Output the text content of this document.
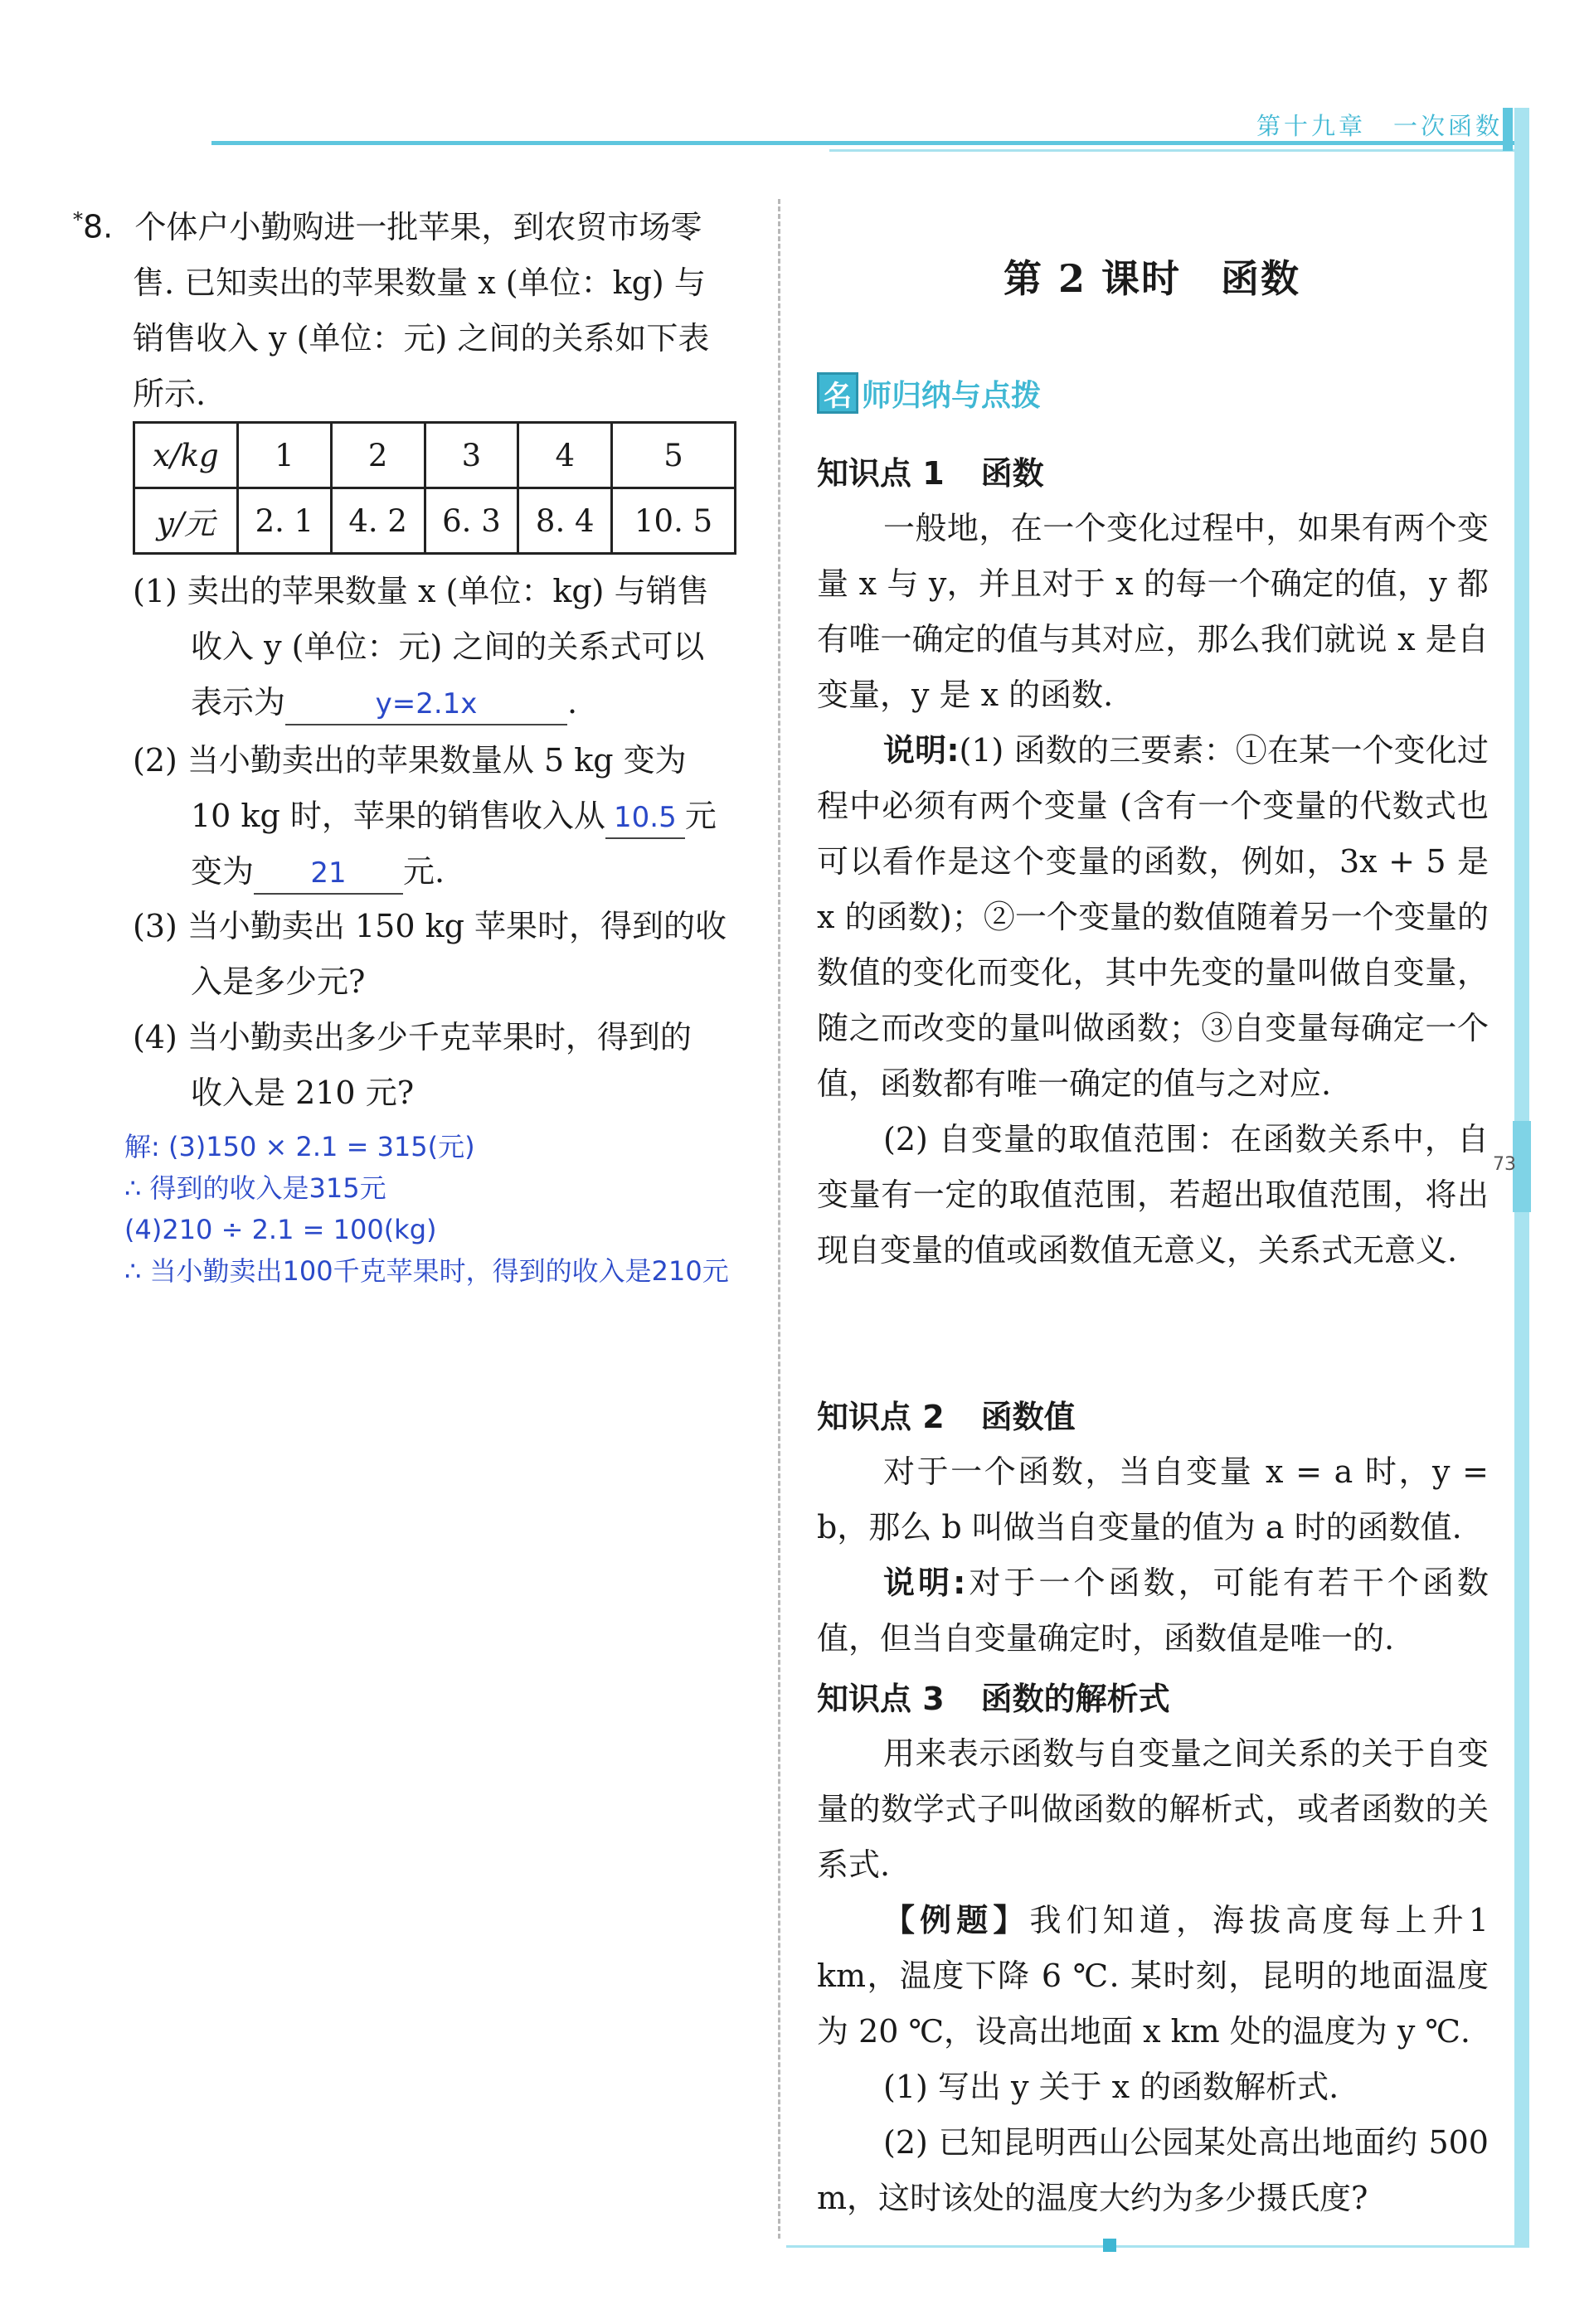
第十九章　一次函数
73
*8. 个体户小勤购进一批苹果，到农贸市场零
售. 已知卖出的苹果数量 x (单位：kg) 与
销售收入 y (单位：元) 之间的关系如下表
所示.
x/kg	1	2	3	4	5
y/元	2. 1	4. 2	6. 3	8. 4	10. 5
(1) 卖出的苹果数量 x (单位：kg) 与销售
收入 y (单位：元) 之间的关系式可以
表示为	y=2.1x	.
(2) 当小勤卖出的苹果数量从 5 kg 变为
10 kg 时，苹果的销售收入从 10.5 元
变为 21 元.
(3) 当小勤卖出 150 kg 苹果时，得到的收
入是多少元?
(4) 当小勤卖出多少千克苹果时，得到的
收入是 210 元?
解: (3)150 × 2.1 = 315(元)
∴ 得到的收入是315元
(4)210 ÷ 2.1 = 100(kg)
∴ 当小勤卖出100千克苹果时，得到的收入是210元
第 2 课时　函数
名 师归纳与点拨
知识点 1 函数
一般地，在一个变化过程中，如果有两个变量 x 与 y，并且对于 x 的每一个确定的值，y 都有唯一确定的值与其对应，那么我们就说 x 是自变量，y 是 x 的函数.
说明:(1) 函数的三要素：①在某一个变化过程中必须有两个变量 (含有一个变量的代数式也可以看作是这个变量的函数，例如，3x + 5 是 x 的函数)；②一个变量的数值随着另一个变量的数值的变化而变化，其中先变的量叫做自变量，随之而改变的量叫做函数；③自变量每确定一个值，函数都有唯一确定的值与之对应.
(2) 自变量的取值范围：在函数关系中，自变量有一定的取值范围，若超出取值范围，将出现自变量的值或函数值无意义，关系式无意义.
知识点 2 函数值
对于一个函数，当自变量 x = a 时，y = b，那么 b 叫做当自变量的值为 a 时的函数值.
说明:对于一个函数，可能有若干个函数值，但当自变量确定时，函数值是唯一的.
知识点 3 函数的解析式
用来表示函数与自变量之间关系的关于自变量的数学式子叫做函数的解析式，或者函数的关系式.
【例题】我们知道，海拔高度每上升1 km，温度下降 6 ℃. 某时刻，昆明的地面温度为 20 ℃，设高出地面 x km 处的温度为 y ℃.
(1) 写出 y 关于 x 的函数解析式.
(2) 已知昆明西山公园某处高出地面约 500 m，这时该处的温度大约为多少摄氏度?
